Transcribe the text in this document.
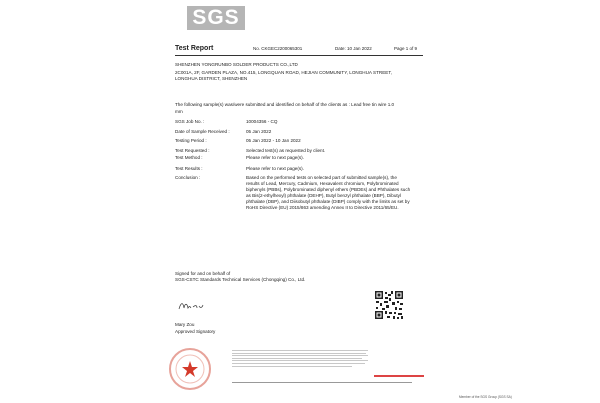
SGS
Test Report	No. CKGEC2200065301	Date: 10 Jan 2022	Page 1 of 9
SHENZHEN YONGRUNBO SOLDER PRODUCTS CO.,LTD
2C001A, 2F, GARDEN PLAZA, NO.415, LONGQUAN ROAD, HEJIAN COMMUNITY, LONGHUA STREET,
LONGHUA DISTRICT, SHENZHEN
The following sample(s) was/were submitted and identified on behalf of the clients as : Lead free tin wire 1.0
mm
SGS Job No. :	10004356 - CQ
Date of Sample Received :	05 Jan 2022
Testing Period :	05 Jan 2022 - 10 Jan 2022
Test Requested :	Selected test(s) as requested by client.
Test Method :	Please refer to next page(s).
Test Results :	Please refer to next page(s).
Conclusion :	Based on the performed tests on selected part of submitted sample(s), the
results of Lead, Mercury, Cadmium, Hexavalent chromium, Polybrominated
biphenyls (PBBs), Polybrominated diphenyl ethers (PBDEs) and Phthalates such
as Bis(2-ethylhexyl) phthalate (DEHP), Butyl benzyl phthalate (BBP), Dibutyl
phthalate (DBP), and Diisobutyl phthalate (DIBP) comply with the limits as set by
RoHS Directive (EU) 2015/863 amending Annex II to Directive 2011/65/EU.
Signed for and on behalf of
SGS-CSTC Standards Technical Services (Chongqing) Co., Ltd.
Mary Zou
Approved Signatory
Member of the SGS Group (SGS SA)
